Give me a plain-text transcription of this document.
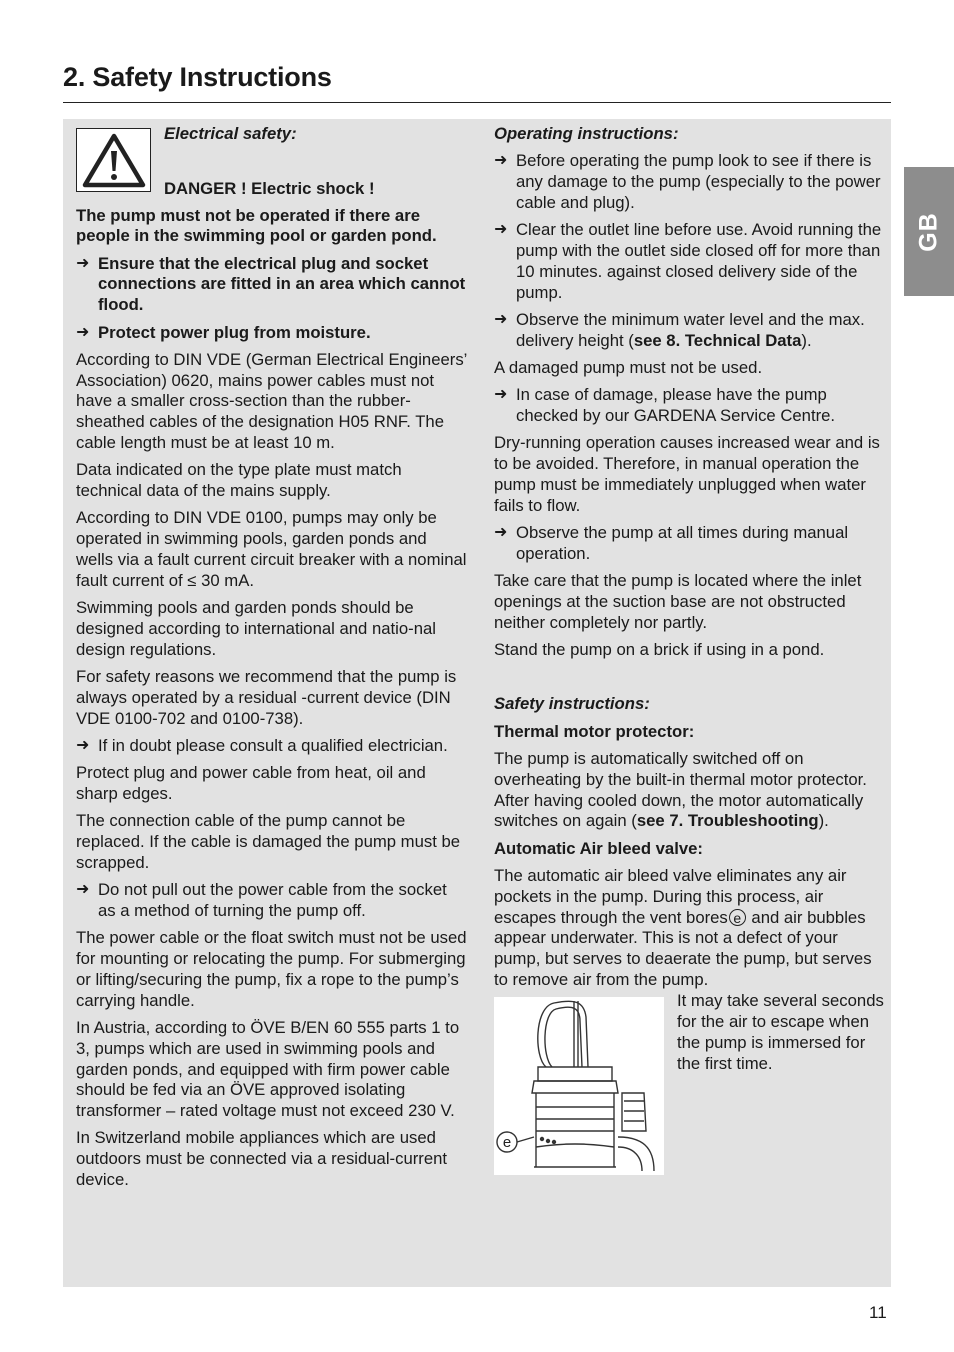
2. Safety Instructions
GB
Electrical safety:
DANGER ! Electric shock !

The pump must not be operated if there are people in the swimming pool or garden pond.

➜ Ensure that the electrical plug and socket connections are fitted in an area which cannot flood.
➜ Protect power plug from moisture.

According to DIN VDE (German Electrical Engineers’ Association) 0620, mains power cables must not have a smaller cross-section than the rubber-sheathed cables of the designation H05 RNF. The cable length must be at least 10 m.

Data indicated on the type plate must match technical data of the mains supply.

According to DIN VDE 0100, pumps may only be operated in swimming pools, garden ponds and wells via a fault current circuit breaker with a nominal fault current of ≤ 30 mA.

Swimming pools and garden ponds should be designed according to international and natio-nal design regulations.

For safety reasons we recommend that the pump is always operated by a residual -current device (DIN VDE 0100-702 and 0100-738).

➜ If in doubt please consult a qualified electrician.

Protect plug and power cable from heat, oil and sharp edges.

The connection cable of the pump cannot be replaced. If the cable is damaged the pump must be scrapped.

➜ Do not pull out the power cable from the socket as a method of turning the pump off.

The power cable or the float switch must not be used for mounting or relocating the pump. For submerging or lifting/securing the pump, fix a rope to the pump’s carrying handle.

In Austria, according to ÖVE B/EN 60 555 parts 1 to 3, pumps which are used in swimming pools and garden ponds, and equipped with firm power cable should be fed via an ÖVE approved isolating transformer – rated voltage must not exceed 230 V.

In Switzerland mobile appliances which are used outdoors must be connected via a residual-current device.

Operating instructions:

➜ Before operating the pump look to see if there is any damage to the pump (especially to the power cable and plug).
➜ Clear the outlet line before use. Avoid running the pump with the outlet side closed off for more than 10 minutes. against closed delivery side of the pump.
➜ Observe the minimum water level and the max. delivery height (see 8. Technical Data).

A damaged pump must not be used.

➜ In case of damage, please have the pump checked by our GARDENA Service Centre.

Dry-running operation causes increased wear and is to be avoided. Therefore, in manual operation the pump must be immediately unplugged when water fails to flow.

➜ Observe the pump at all times during manual operation.

Take care that the pump is located where the inlet openings at the suction base are not obstructed neither completely nor partly.

Stand the pump on a brick if using in a pond.

Safety instructions:

Thermal motor protector:

The pump is automatically switched off on overheating by the built-in thermal motor protector. After having cooled down, the motor automatically switches on again (see 7. Troubleshooting).

Automatic Air bleed valve:

The automatic air bleed valve eliminates any air pockets in the pump. During this process, air escapes through the vent bores e and air bubbles appear underwater. This is not a defect of your pump, but serves to deaerate the pump, but serves to remove air from the pump.

e
It may take several seconds for the air to escape when the pump is immersed for the first time.
11
